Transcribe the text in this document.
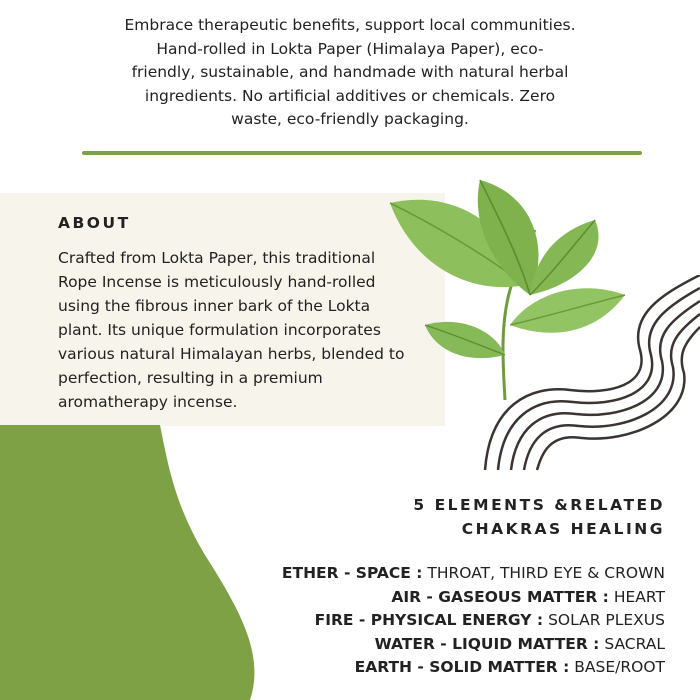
Embrace therapeutic benefits, support local communities.
Hand-rolled in Lokta Paper (Himalaya Paper), eco-
friendly, sustainable, and handmade with natural herbal
ingredients. No artificial additives or chemicals. Zero
waste, eco-friendly packaging.
ABOUT
Crafted from Lokta Paper, this traditional
Rope Incense is meticulously hand-rolled
using the fibrous inner bark of the Lokta
plant. Its unique formulation incorporates
various natural Himalayan herbs, blended to
perfection, resulting in a premium
aromatherapy incense.
5 ELEMENTS &RELATED
CHAKRAS HEALING
ETHER - SPACE : THROAT, THIRD EYE & CROWN
AIR - GASEOUS MATTER : HEART
FIRE - PHYSICAL ENERGY : SOLAR PLEXUS
WATER - LIQUID MATTER : SACRAL
EARTH - SOLID MATTER : BASE/ROOT
